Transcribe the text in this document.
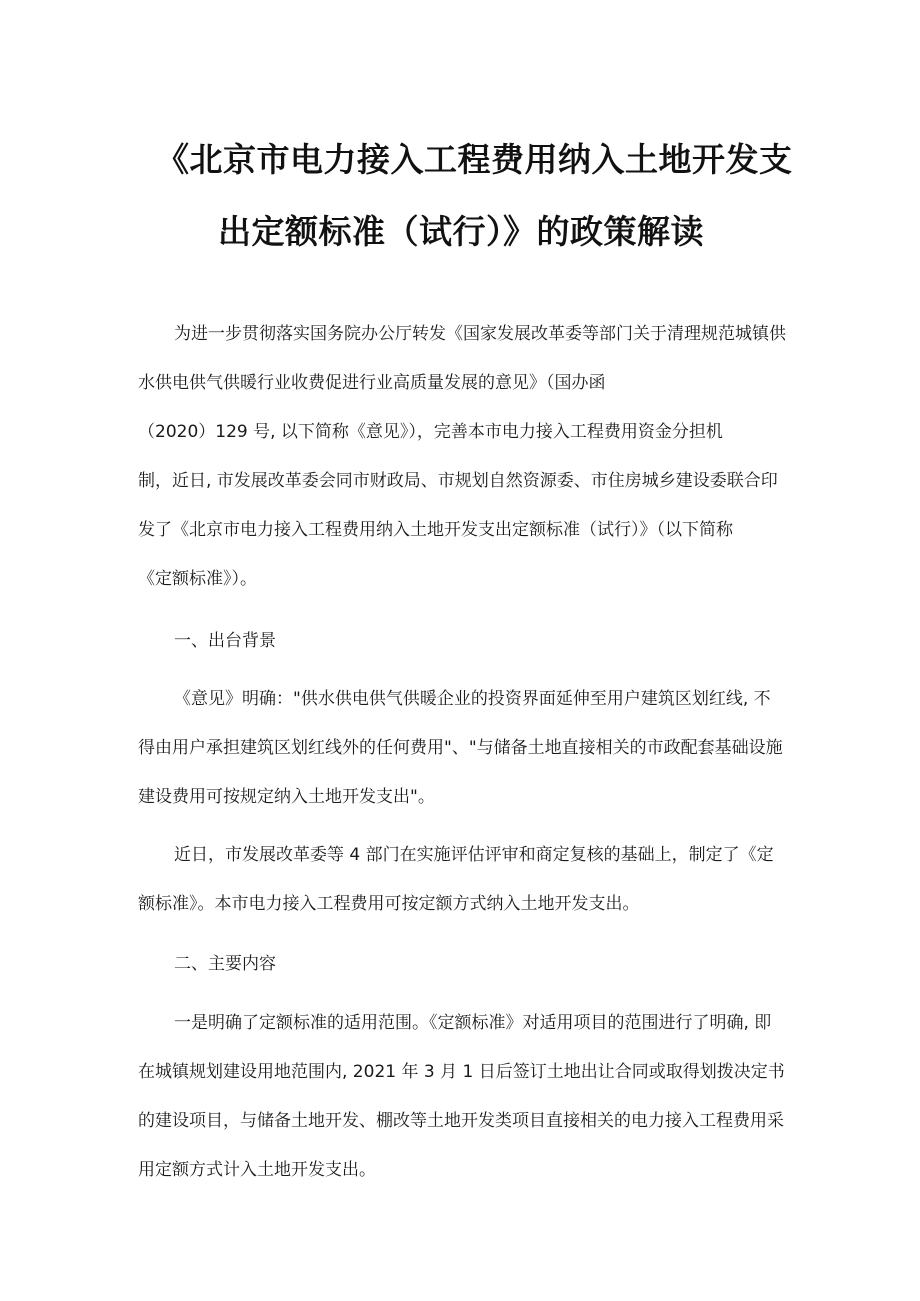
《北京市电力接入工程费用纳入土地开发支
出定额标准（试行）》的政策解读
为进一步贯彻落实国务院办公厅转发《国家发展改革委等部门关于清理规范城镇供
水供电供气供暖行业收费促进行业高质量发展的意见》（国办函
（2020）129 号, 以下简称《意见》），完善本市电力接入工程费用资金分担机
制，近日, 市发展改革委会同市财政局、市规划自然资源委、市住房城乡建设委联合印
发了《北京市电力接入工程费用纳入土地开发支出定额标准（试行）》（以下简称
《定额标准》）。
一、出台背景
《意见》明确："供水供电供气供暖企业的投资界面延伸至用户建筑区划红线, 不
得由用户承担建筑区划红线外的任何费用"、"与储备土地直接相关的市政配套基础设施
建设费用可按规定纳入土地开发支出"。
近日，市发展改革委等 4 部门在实施评估评审和商定复核的基础上，制定了《定
额标准》。本市电力接入工程费用可按定额方式纳入土地开发支出。
二、主要内容
一是明确了定额标准的适用范围。《定额标准》对适用项目的范围进行了明确, 即
在城镇规划建设用地范围内, 2021 年 3 月 1 日后签订土地出让合同或取得划拨决定书
的建设项目，与储备土地开发、棚改等土地开发类项目直接相关的电力接入工程费用采
用定额方式计入土地开发支出。
